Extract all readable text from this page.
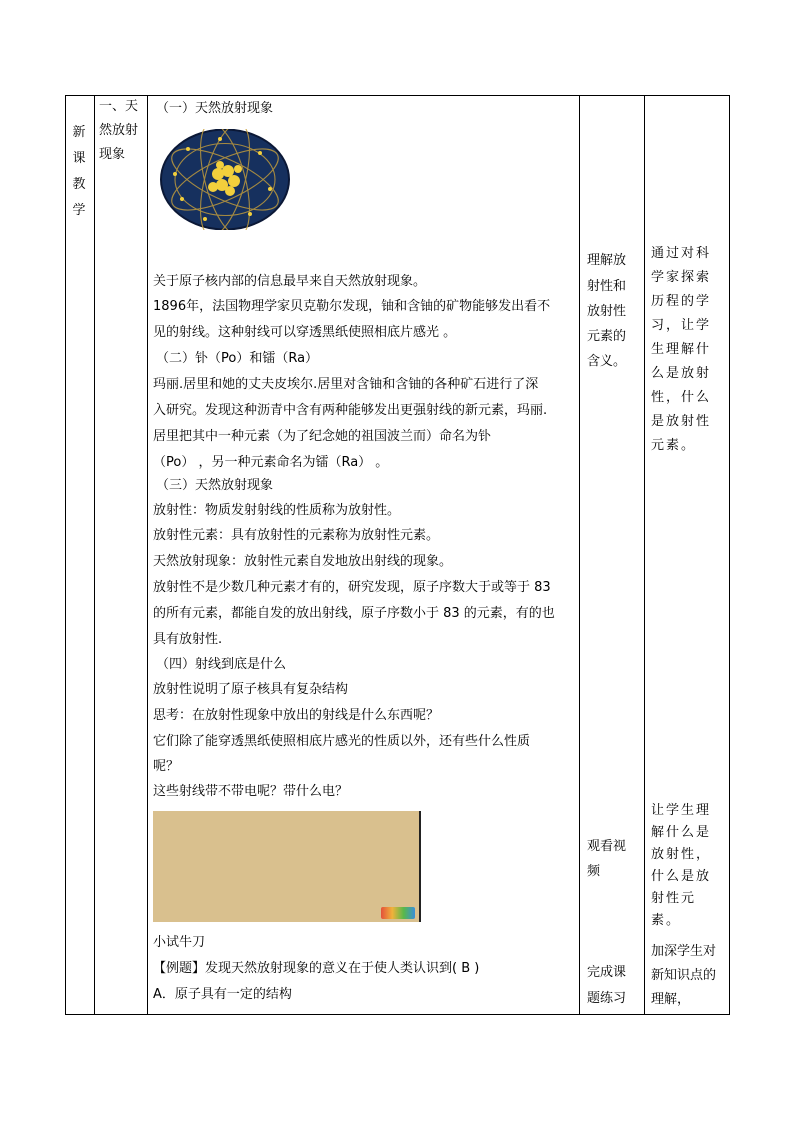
新课教学
一、天然放射现象
（一）天然放射现象
关于原子核内部的信息最早来自天然放射现象。
1896年，法国物理学家贝克勒尔发现，铀和含铀的矿物能够发出看不
见的射线。这种射线可以穿透黑纸使照相底片感光 。
（二）钋（Po）和镭（Ra）
玛丽.居里和她的丈夫皮埃尔.居里对含铀和含铀的各种矿石进行了深
入研究。发现这种沥青中含有两种能够发出更强射线的新元素，玛丽.
居里把其中一种元素（为了纪念她的祖国波兰而）命名为钋
（Po） ，另一种元素命名为镭（Ra） 。
（三）天然放射现象
放射性：物质发射射线的性质称为放射性。
放射性元素：具有放射性的元素称为放射性元素。
天然放射现象：放射性元素自发地放出射线的现象。
放射性不是少数几种元素才有的，研究发现，原子序数大于或等于 83
的所有元素，都能自发的放出射线，原子序数小于 83 的元素，有的也
具有放射性.
（四）射线到底是什么
放射性说明了原子核具有复杂结构
思考：在放射性现象中放出的射线是什么东西呢？
它们除了能穿透黑纸使照相底片感光的性质以外，还有些什么性质
呢？
这些射线带不带电呢？带什么电？
小试牛刀
【例题】发现天然放射现象的意义在于使人类认识到( B )
A．原子具有一定的结构
理解放
射性和
放射性
元素的
含义。
观看视
频
完成课
题练习
通过对科学家探索历程的学习，让学生理解什么是放射性，什么是放射性元素。
让学生理解什么是放射性，什么是放射性元素。
加深学生对新知识点的理解，
